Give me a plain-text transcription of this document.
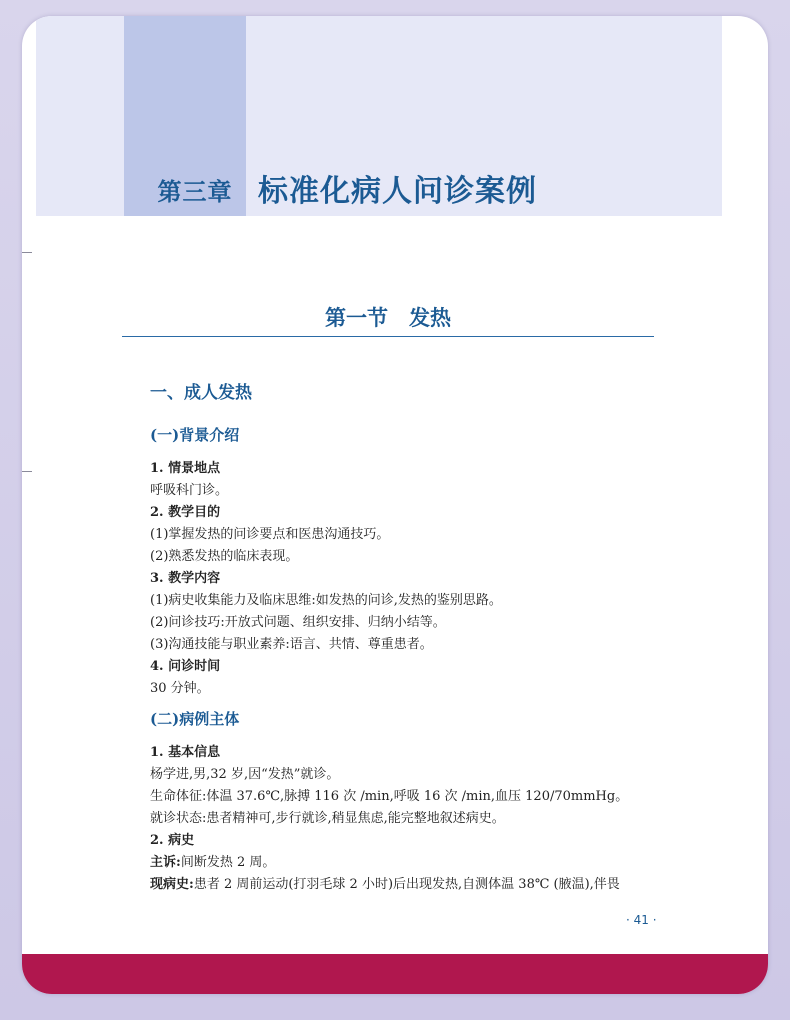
第三章 标准化病人问诊案例
第一节　发热
一、成人发热
(一)背景介绍
1. 情景地点
呼吸科门诊。
2. 教学目的
(1)掌握发热的问诊要点和医患沟通技巧。
(2)熟悉发热的临床表现。
3. 教学内容
(1)病史收集能力及临床思维:如发热的问诊,发热的鉴别思路。
(2)问诊技巧:开放式问题、组织安排、归纳小结等。
(3)沟通技能与职业素养:语言、共情、尊重患者。
4. 问诊时间
30 分钟。
(二)病例主体
1. 基本信息
杨学进,男,32 岁,因“发热”就诊。
生命体征:体温 37.6℃,脉搏 116 次 /min,呼吸 16 次 /min,血压 120/70mmHg。
就诊状态:患者精神可,步行就诊,稍显焦虑,能完整地叙述病史。
2. 病史
主诉:间断发热 2 周。
现病史:患者 2 周前运动(打羽毛球 2 小时)后出现发热,自测体温 38℃ (腋温),伴畏
· 41 ·
